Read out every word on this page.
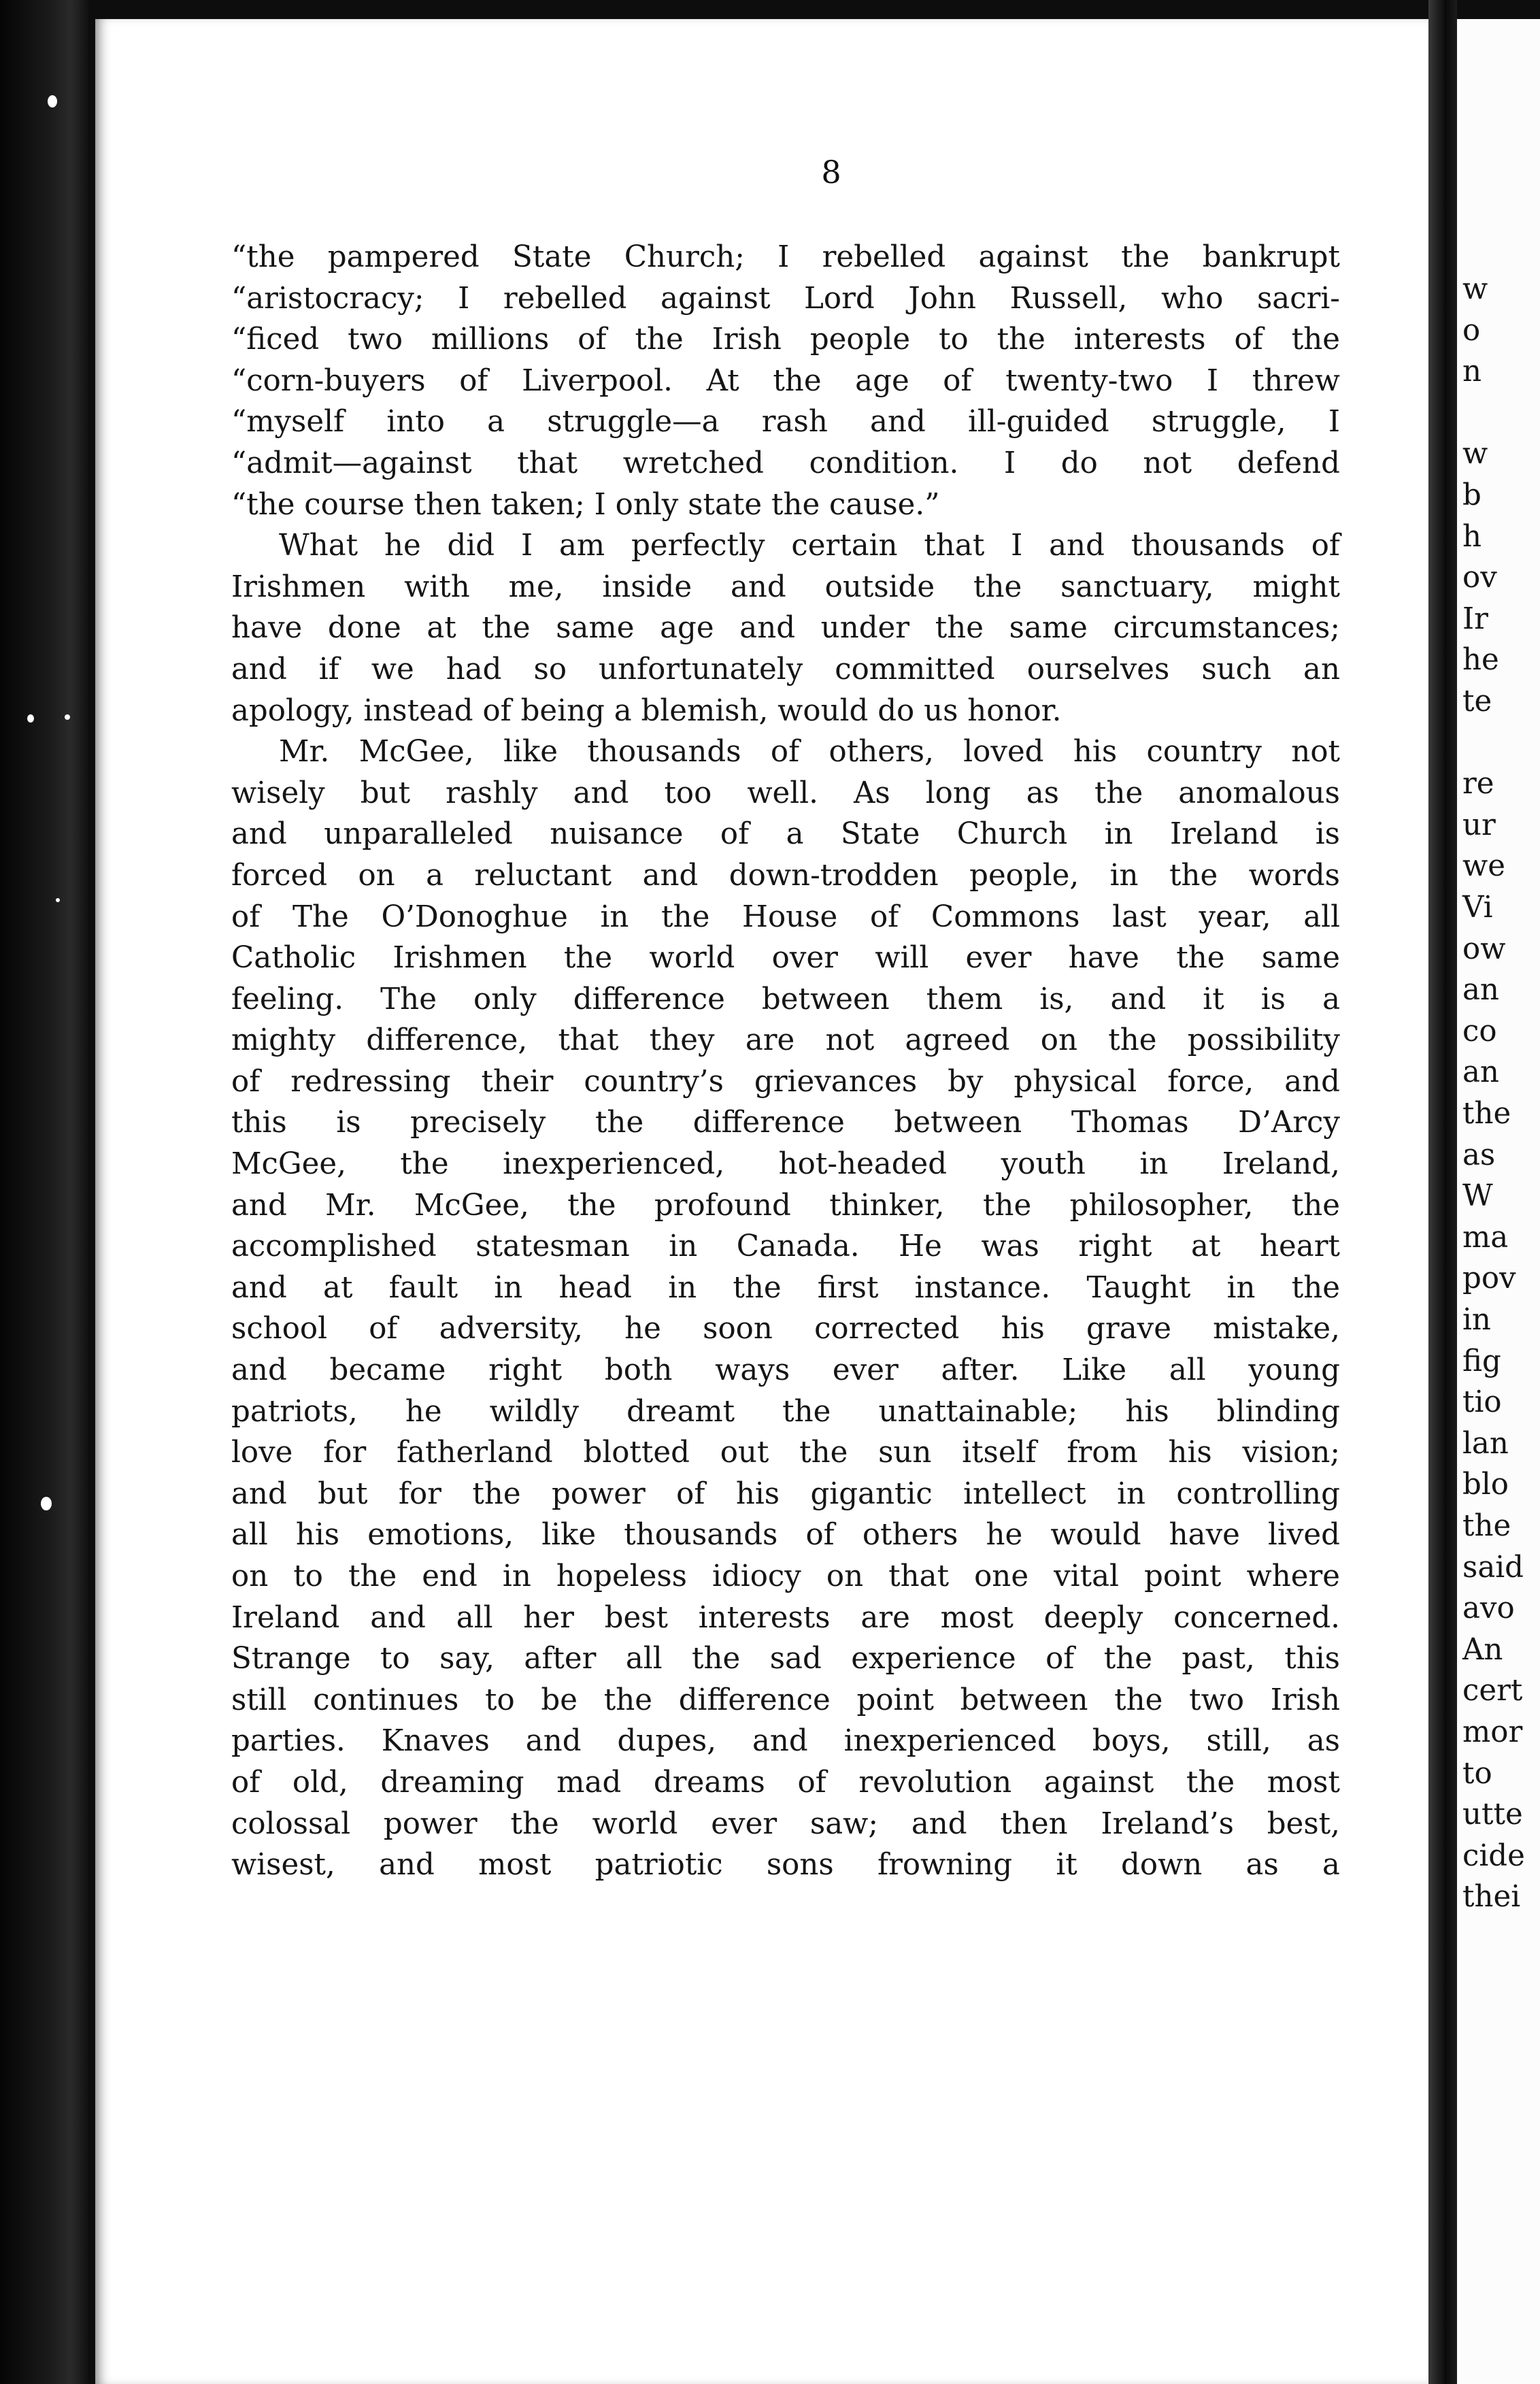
8
“the pampered State Church; I rebelled against the bankrupt
“aristocracy; I rebelled against Lord John Russell, who sacri-
“ficed two millions of the Irish people to the interests of the
“corn-buyers of Liverpool. At the age of twenty-two I threw
“myself into a struggle—a rash and ill-guided struggle, I
“admit—against that wretched condition. I do not defend
“the course then taken; I only state the cause.”
What he did I am perfectly certain that I and thousands of
Irishmen with me, inside and outside the sanctuary, might
have done at the same age and under the same circumstances;
and if we had so unfortunately committed ourselves such an
apology, instead of being a blemish, would do us honor.
Mr. McGee, like thousands of others, loved his country not
wisely but rashly and too well. As long as the anomalous
and unparalleled nuisance of a State Church in Ireland is
forced on a reluctant and down-trodden people, in the words
of The O’Donoghue in the House of Commons last year, all
Catholic Irishmen the world over will ever have the same
feeling. The only difference between them is, and it is a
mighty difference, that they are not agreed on the possibility
of redressing their country’s grievances by physical force, and
this is precisely the difference between Thomas D’Arcy
McGee, the inexperienced, hot-headed youth in Ireland,
and Mr. McGee, the profound thinker, the philosopher, the
accomplished statesman in Canada. He was right at heart
and at fault in head in the first instance. Taught in the
school of adversity, he soon corrected his grave mistake,
and became right both ways ever after. Like all young
patriots, he wildly dreamt the unattainable; his blinding
love for fatherland blotted out the sun itself from his vision;
and but for the power of his gigantic intellect in controlling
all his emotions, like thousands of others he would have lived
on to the end in hopeless idiocy on that one vital point where
Ireland and all her best interests are most deeply concerned.
Strange to say, after all the sad experience of the past, this
still continues to be the difference point between the two Irish
parties. Knaves and dupes, and inexperienced boys, still, as
of old, dreaming mad dreams of revolution against the most
colossal power the world ever saw; and then Ireland’s best,
wisest, and most patriotic sons frowning it down as a
w
o
n
w
b
h
ov
Ir
he
te
re
ur
we
Vi
ow
an
co
an
the
as
W
ma
pov
in
fig
tio
lan
blo
the
said
avo
An
cert
mor
to
utte
cide
thei
